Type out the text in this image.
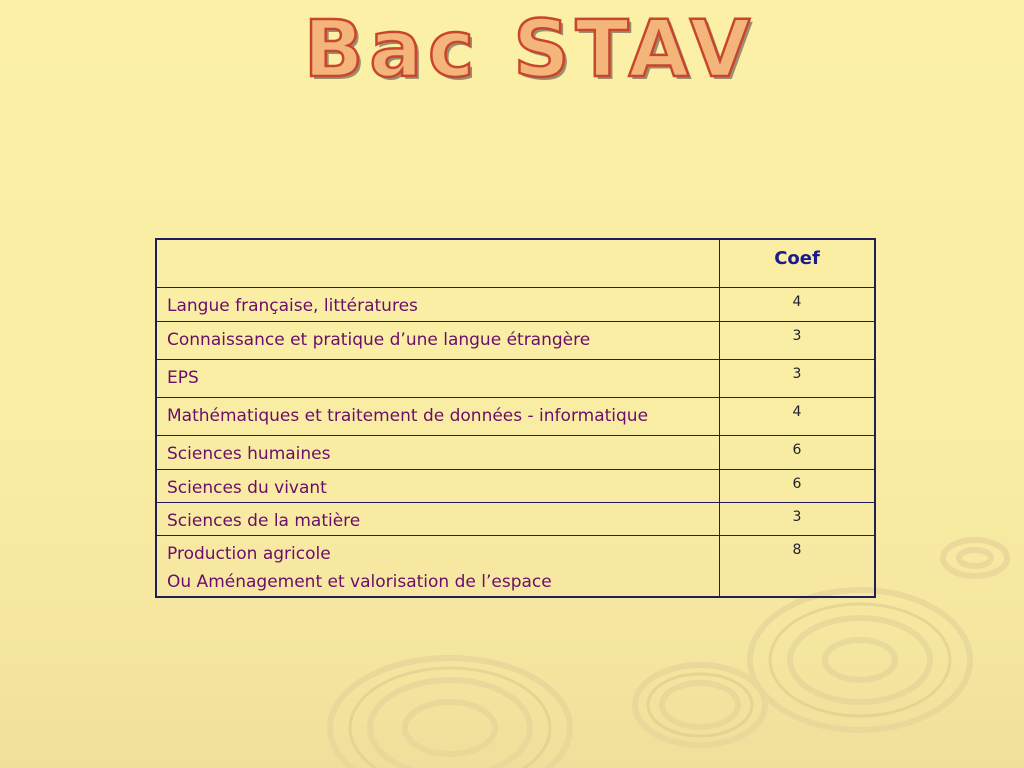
Bac STAV
	Coef

Langue française, littératures	4

Connaissance et pratique d’une langue étrangère	3

EPS	3

Mathématiques et traitement de données - informatique	4

Sciences humaines	6

Sciences du vivant	6

Sciences de la matière	3

Production agricole
Ou Aménagement et valorisation de l’espace	8
